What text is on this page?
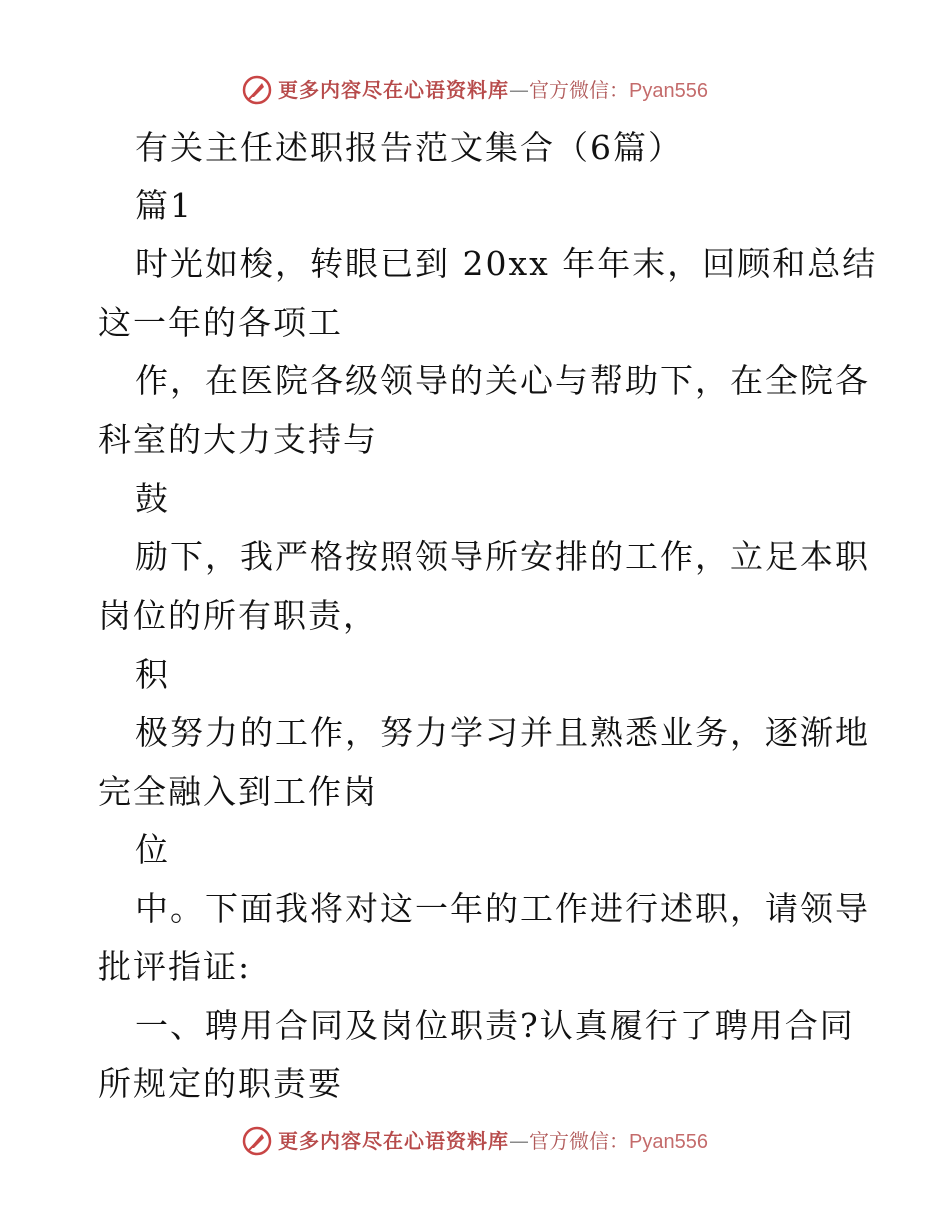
更多内容尽在心语资料库—官方微信：Pyan556
有关主任述职报告范文集合（6篇）
篇1
时光如梭，转眼已到 20xx 年年末，回顾和总结
这一年的各项工
作，在医院各级领导的关心与帮助下，在全院各
科室的大力支持与
鼓
励下，我严格按照领导所安排的工作，立足本职
岗位的所有职责，
积
极努力的工作，努力学习并且熟悉业务，逐渐地
完全融入到工作岗
位
中。下面我将对这一年的工作进行述职，请领导
批评指证:
一、聘用合同及岗位职责?认真履行了聘用合同
所规定的职责要
更多内容尽在心语资料库—官方微信：Pyan556
